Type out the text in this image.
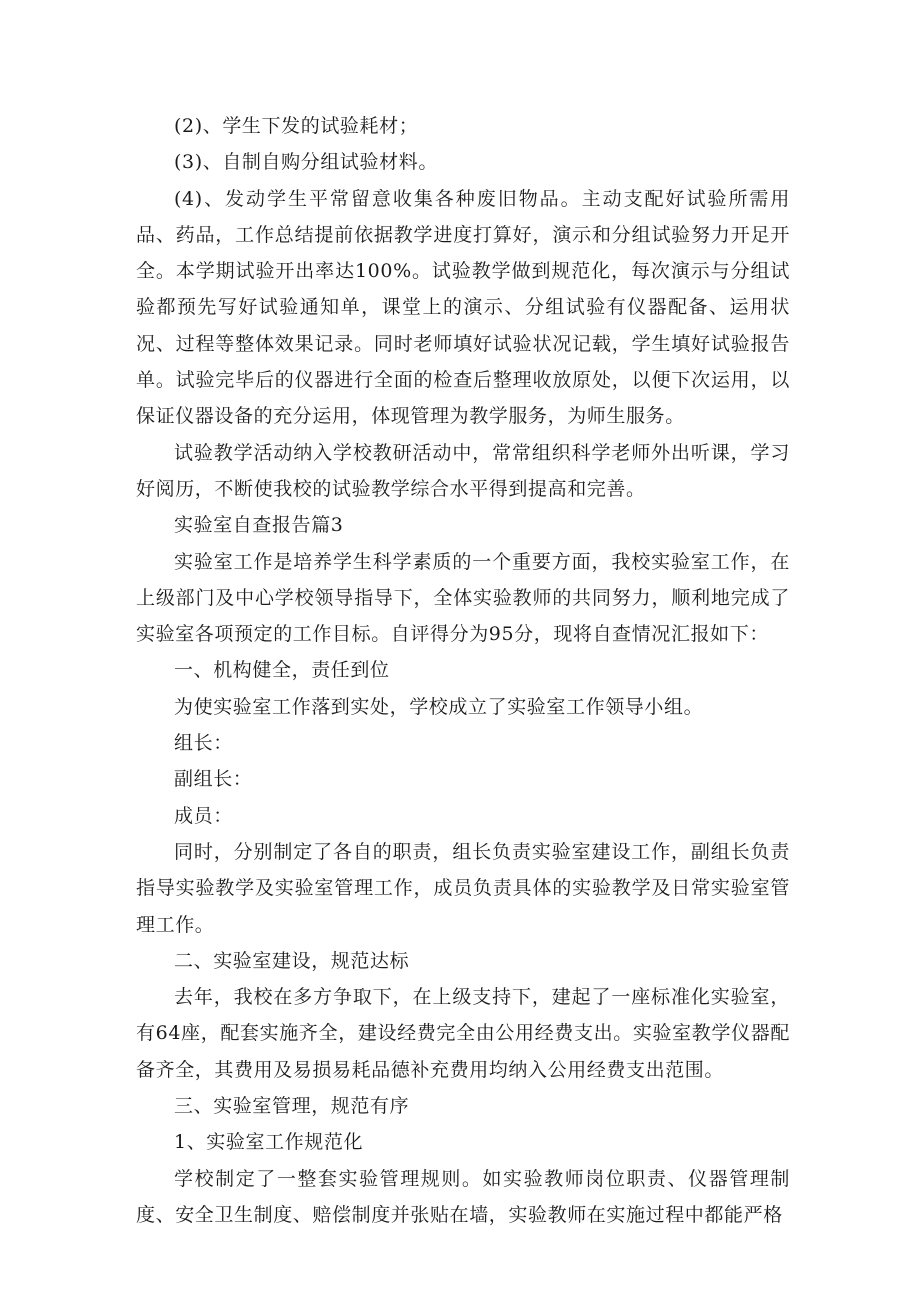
(2)、学生下发的试验耗材；

(3)、自制自购分组试验材料。

(4)、发动学生平常留意收集各种废旧物品。主动支配好试验所需用品、药品，工作总结提前依据教学进度打算好，演示和分组试验努力开足开全。本学期试验开出率达100%。试验教学做到规范化，每次演示与分组试验都预先写好试验通知单，课堂上的演示、分组试验有仪器配备、运用状况、过程等整体效果记录。同时老师填好试验状况记载，学生填好试验报告单。试验完毕后的仪器进行全面的检查后整理收放原处，以便下次运用，以保证仪器设备的充分运用，体现管理为教学服务，为师生服务。

试验教学活动纳入学校教研活动中，常常组织科学老师外出听课，学习好阅历，不断使我校的试验教学综合水平得到提高和完善。

实验室自查报告篇3

实验室工作是培养学生科学素质的一个重要方面，我校实验室工作，在上级部门及中心学校领导指导下，全体实验教师的共同努力，顺利地完成了实验室各项预定的工作目标。自评得分为95分，现将自查情况汇报如下：

一、机构健全，责任到位

为使实验室工作落到实处，学校成立了实验室工作领导小组。

组长：

副组长：

成员：

同时，分别制定了各自的职责，组长负责实验室建设工作，副组长负责指导实验教学及实验室管理工作，成员负责具体的实验教学及日常实验室管理工作。

二、实验室建设，规范达标

去年，我校在多方争取下，在上级支持下，建起了一座标准化实验室，有64座，配套实施齐全，建设经费完全由公用经费支出。实验室教学仪器配备齐全，其费用及易损易耗品德补充费用均纳入公用经费支出范围。

三、实验室管理，规范有序

1、实验室工作规范化

学校制定了一整套实验管理规则。如实验教师岗位职责、仪器管理制度、安全卫生制度、赔偿制度并张贴在墙，实验教师在实施过程中都能严格
